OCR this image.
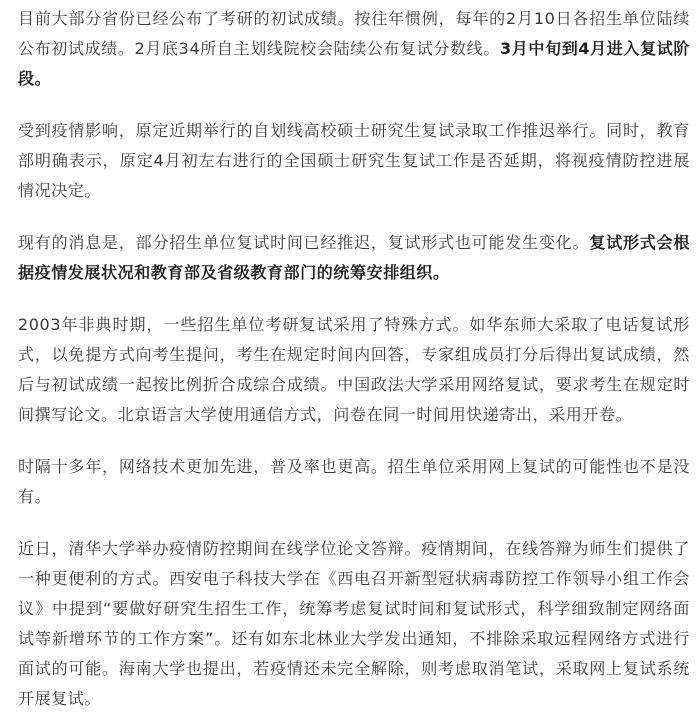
目前大部分省份已经公布了考研的初试成绩。按往年惯例，每年的2月10日各招生单位陆续公布初试成绩。2月底34所自主划线院校会陆续公布复试分数线。3月中旬到4月进入复试阶段。

受到疫情影响，原定近期举行的自划线高校硕士研究生复试录取工作推迟举行。同时，教育部明确表示，原定4月初左右进行的全国硕士研究生复试工作是否延期，将视疫情防控进展情况决定。

现有的消息是，部分招生单位复试时间已经推迟，复试形式也可能发生变化。复试形式会根据疫情发展状况和教育部及省级教育部门的统筹安排组织。

2003年非典时期，一些招生单位考研复试采用了特殊方式。如华东师大采取了电话复试形式，以免提方式向考生提问，考生在规定时间内回答，专家组成员打分后得出复试成绩，然后与初试成绩一起按比例折合成综合成绩。中国政法大学采用网络复试，要求考生在规定时间撰写论文。北京语言大学使用通信方式，问卷在同一时间用快递寄出，采用开卷。

时隔十多年，网络技术更加先进，普及率也更高。招生单位采用网上复试的可能性也不是没有。

近日，清华大学举办疫情防控期间在线学位论文答辩。疫情期间，在线答辩为师生们提供了一种更便利的方式。西安电子科技大学在《西电召开新型冠状病毒防控工作领导小组工作会议》中提到“要做好研究生招生工作，统筹考虑复试时间和复试形式，科学细致制定网络面试等新增环节的工作方案”。还有如东北林业大学发出通知，不排除采取远程网络方式进行面试的可能。海南大学也提出，若疫情还未完全解除，则考虑取消笔试，采取网上复试系统开展复试。
